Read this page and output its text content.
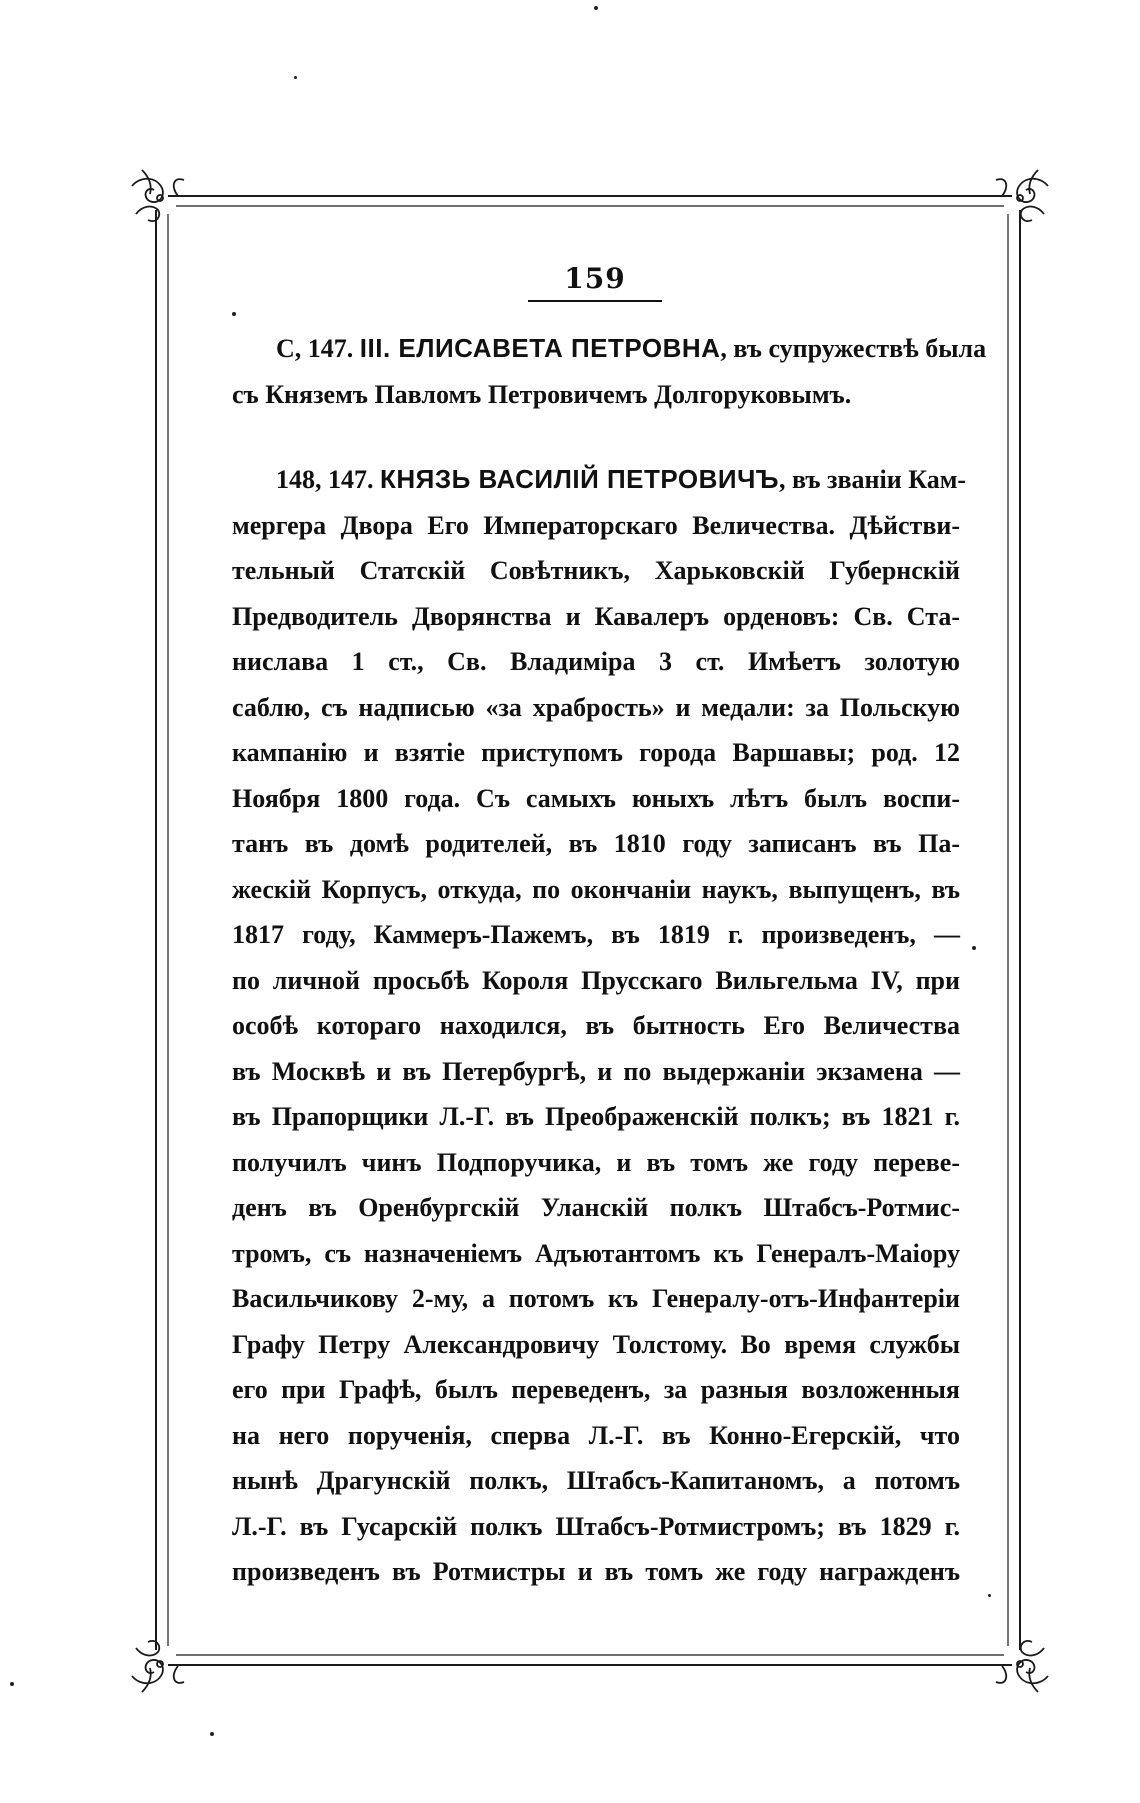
159
С, 147. III. ЕЛИСАВЕТА ПЕТРОВНА, въ супружествѣ была
съ Княземъ Павломъ Петровичемъ Долгоруковымъ.
148, 147. КНЯЗЬ ВАСИЛІЙ ПЕТРОВИЧЪ, въ званіи Кам-
мергера Двора Его Императорскаго Величества. Дѣйстви-
тельный Статскій Совѣтникъ, Харьковскій Губернскій
Предводитель Дворянства и Кавалеръ орденовъ: Св. Ста-
нислава 1 ст., Св. Владиміра 3 ст. Имѣетъ золотую
саблю, съ надписью «за храбрость» и медали: за Польскую
кампанію и взятіе приступомъ города Варшавы; род. 12
Ноября 1800 года. Съ самыхъ юныхъ лѣтъ былъ воспи-
танъ въ домѣ родителей, въ 1810 году записанъ въ Па-
жескій Корпусъ, откуда, по окончаніи наукъ, выпущенъ, въ
1817 году, Каммеръ-Пажемъ, въ 1819 г. произведенъ, —
по личной просьбѣ Короля Прусскаго Вильгельма IV, при
особѣ котораго находился, въ бытность Его Величества
въ Москвѣ и въ Петербургѣ, и по выдержаніи экзамена —
въ Прапорщики Л.-Г. въ Преображенскій полкъ; въ 1821 г.
получилъ чинъ Подпоручика, и въ томъ же году переве-
денъ въ Оренбургскій Уланскій полкъ Штабсъ-Ротмис-
тромъ, съ назначеніемъ Адъютантомъ къ Генералъ-Маіору
Васильчикову 2-му, а потомъ къ Генералу-отъ-Инфантеріи
Графу Петру Александровичу Толстому. Во время службы
его при Графѣ, былъ переведенъ, за разныя возложенныя
на него порученія, сперва Л.-Г. въ Конно-Егерскій, что
нынѣ Драгунскій полкъ, Штабсъ-Капитаномъ, а потомъ
Л.-Г. въ Гусарскій полкъ Штабсъ-Ротмистромъ; въ 1829 г.
произведенъ въ Ротмистры и въ томъ же году награжденъ
